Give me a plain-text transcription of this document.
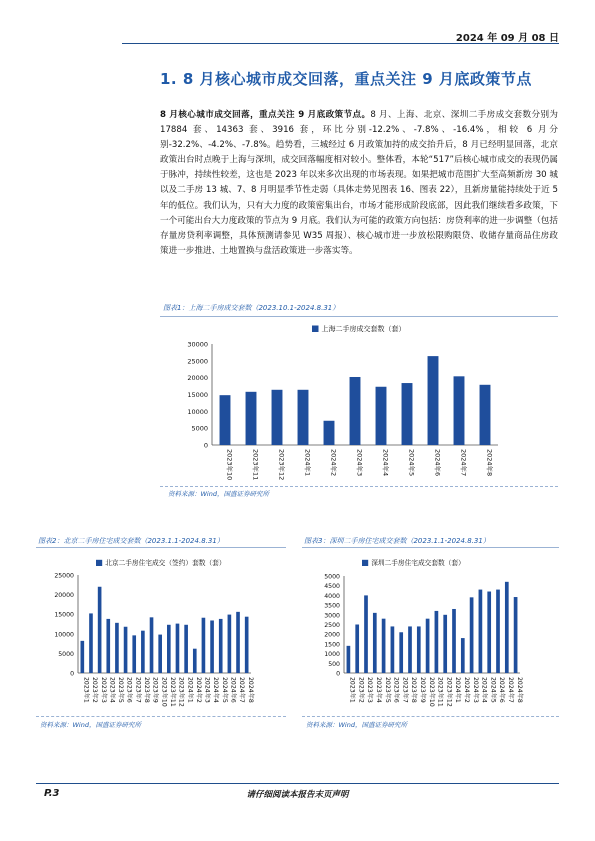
2024 年 09 月 08 日
1. 8 月核心城市成交回落，重点关注 9 月底政策节点
8 月核心城市成交回落，重点关注 9 月底政策节点。8 月、上海、北京、深圳二手房成交套数分别为 17884 套、14363 套、3916 套，环比分别-12.2%、-7.8%、-16.4%，相较 6 月分别-32.2%、-4.2%、-7.8%。趋势看，三城经过 6 月政策加持的成交抬升后，8 月已经明显回落，北京政策出台时点晚于上海与深圳，成交回落幅度相对较小。整体看，本轮“517”后核心城市成交的表现仍属于脉冲，持续性较差，这也是 2023 年以来多次出现的市场表现。如果把城市范围扩大至高频新房 30 城以及二手房 13 城、7、8 月明显季节性走弱（具体走势见图表 16、图表 22），且新房量能持续处于近 5 年的低位。我们认为，只有大力度的政策密集出台，市场才能形成阶段底部，因此我们继续看多政策，下一个可能出台大力度政策的节点为 9 月底。我们认为可能的政策方向包括：房贷利率的进一步调整（包括存量房贷利率调整，具体预测请参见 W35 周报）、核心城市进一步放松限购限贷、收储存量商品住房政策进一步推进、土地置换与盘活政策进一步落实等。
图表1：上海二手房成交套数（2023.10.1-2024.8.31）
上海二手房成交套数（套）
0
5000
10000
15000
20000
25000
30000
2023年10	2023年11	2023年12	2024年1	2024年2	2024年3	2024年4	2024年5	2024年6	2024年7	2024年8
资料来源：Wind，国盛证券研究所
图表2：北京二手房住宅成交套数（2023.1.1-2024.8.31）
北京二手房住宅成交（签约）套数（套）
0
5000
10000
15000
20000
25000
2023年1 2023年2 2023年3 2023年4 2023年5 2023年6 2023年7 2023年8 2023年9 2023年10 2023年11 2023年12 2024年1 2024年2 2024年3 2024年4 2024年5 2024年6 2024年7 2024年8
资料来源：Wind，国盛证券研究所
图表3：深圳二手房住宅成交套数（2023.1.1-2024.8.31）
深圳二手房住宅成交套数（套）
0
500
1000
1500
2000
2500
3000
3500
4000
4500
5000
2023年1 2023年2 2023年3 2023年4 2023年5 2023年6 2023年7 2023年8 2023年9 2023年10 2023年11 2023年12 2024年1 2024年2 2024年3 2024年4 2024年5 2024年6 2024年7 2024年8
资料来源：Wind，国盛证券研究所
P.3	请仔细阅读本报告末页声明
